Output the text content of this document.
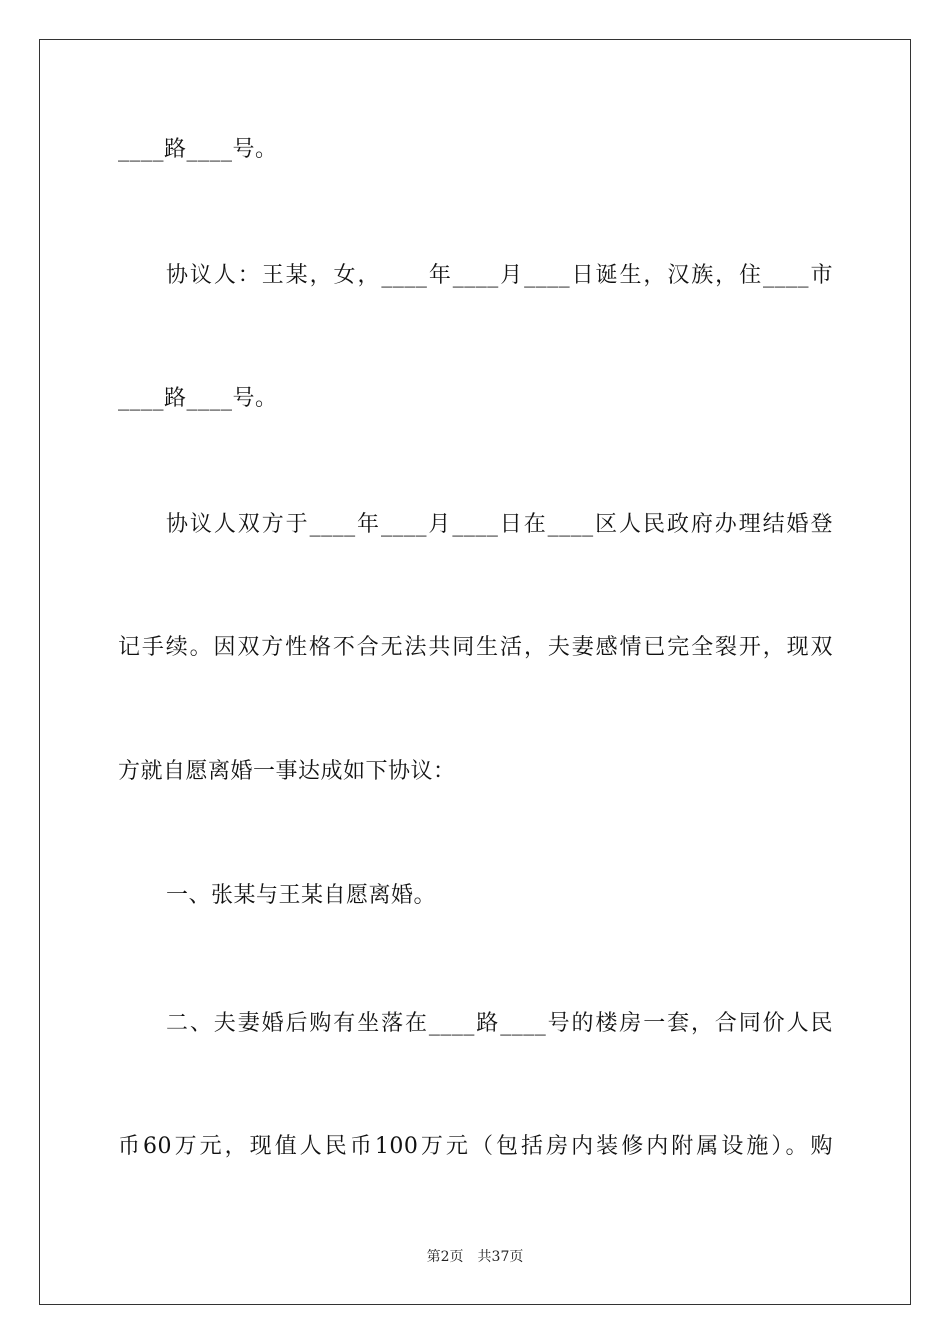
____路____号。
协议人：王某，女，____年____月____日诞生，汉族，住____市
____路____号。
协议人双方于____年____月____日在____区人民政府办理结婚登
记手续。因双方性格不合无法共同生活，夫妻感情已完全裂开，现双
方就自愿离婚一事达成如下协议：
一、张某与王某自愿离婚。
二、夫妻婚后购有坐落在____路____号的楼房一套，合同价人民
币60万元，现值人民币100万元（包括房内装修内附属设施）。购
第2页 共37页
